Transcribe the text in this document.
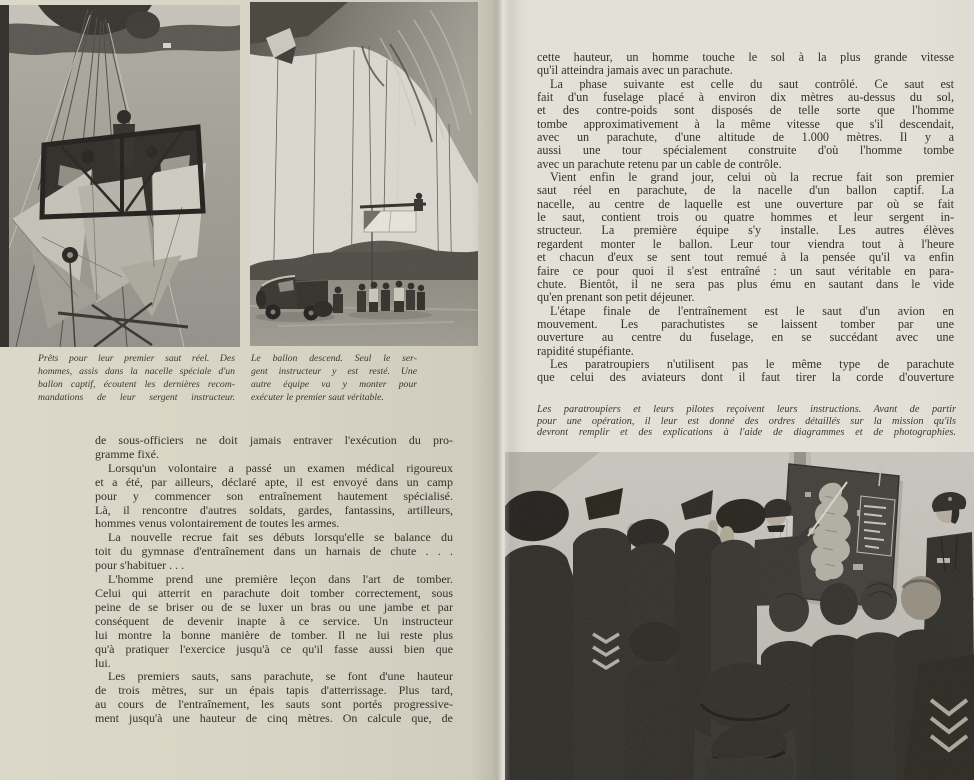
Prêts pour leur premier saut réel. Des
hommes, assis dans la nacelle spéciale d'un
ballon captif, écoutent les dernières recom-
mandations de leur sergent instructeur.
Le ballon descend. Seul le ser-
gent instructeur y est resté. Une
autre équipe va y monter pour
exécuter le premier saut véritable.
de sous-officiers ne doit jamais entraver l'exécution du pro-
gramme fixé.
Lorsqu'un volontaire a passé un examen médical rigoureux
et a été, par ailleurs, déclaré apte, il est envoyé dans un camp
pour y commencer son entraînement hautement spécialisé.
Là, il rencontre d'autres soldats, gardes, fantassins, artilleurs,
hommes venus volontairement de toutes les armes.
La nouvelle recrue fait ses débuts lorsqu'elle se balance du
toit du gymnase d'entraînement dans un harnais de chute . . .
pour s'habituer . . .
L'homme prend une première leçon dans l'art de tomber.
Celui qui atterrit en parachute doit tomber correctement, sous
peine de se briser ou de se luxer un bras ou une jambe et par
conséquent de devenir inapte à ce service. Un instructeur
lui montre la bonne manière de tomber. Il ne lui reste plus
qu'à pratiquer l'exercice jusqu'à ce qu'il fasse aussi bien que
lui.
Les premiers sauts, sans parachute, se font d'une hauteur
de trois mètres, sur un épais tapis d'atterrissage. Plus tard,
au cours de l'entraînement, les sauts sont portés progressive-
ment jusqu'à une hauteur de cinq mètres. On calcule que, de
cette hauteur, un homme touche le sol à la plus grande vitesse
qu'il atteindra jamais avec un parachute.
La phase suivante est celle du saut contrôlé. Ce saut est
fait d'un fuselage placé à environ dix mètres au-dessus du sol,
et des contre-poids sont disposés de telle sorte que l'homme
tombe approximativement à la même vitesse que s'il descendait,
avec un parachute, d'une altitude de 1.000 mètres. Il y a
aussi une tour spécialement construite d'où l'homme tombe
avec un parachute retenu par un cable de contrôle.
Vient enfin le grand jour, celui où la recrue fait son premier
saut réel en parachute, de la nacelle d'un ballon captif. La
nacelle, au centre de laquelle est une ouverture par où se fait
le saut, contient trois ou quatre hommes et leur sergent in-
structeur. La première équipe s'y installe. Les autres élèves
regardent monter le ballon. Leur tour viendra tout à l'heure
et chacun d'eux se sent tout remué à la pensée qu'il va enfin
faire ce pour quoi il s'est entraîné : un saut véritable en para-
chute. Bientôt, il ne sera pas plus ému en sautant dans le vide
qu'en prenant son petit déjeuner.
L'étape finale de l'entraînement est le saut d'un avion en
mouvement. Les parachutistes se laissent tomber par une
ouverture au centre du fuselage, en se succédant avec une
rapidité stupéfiante.
Les paratroupiers n'utilisent pas le même type de parachute
que celui des aviateurs dont il faut tirer la corde d'ouverture
Les paratroupiers et leurs pilotes reçoivent leurs instructions. Avant de partir
pour une opération, il leur est donné des ordres détaillés sur la mission qu'ils
devront remplir et des explications à l'aide de diagrammes et de photographies.
